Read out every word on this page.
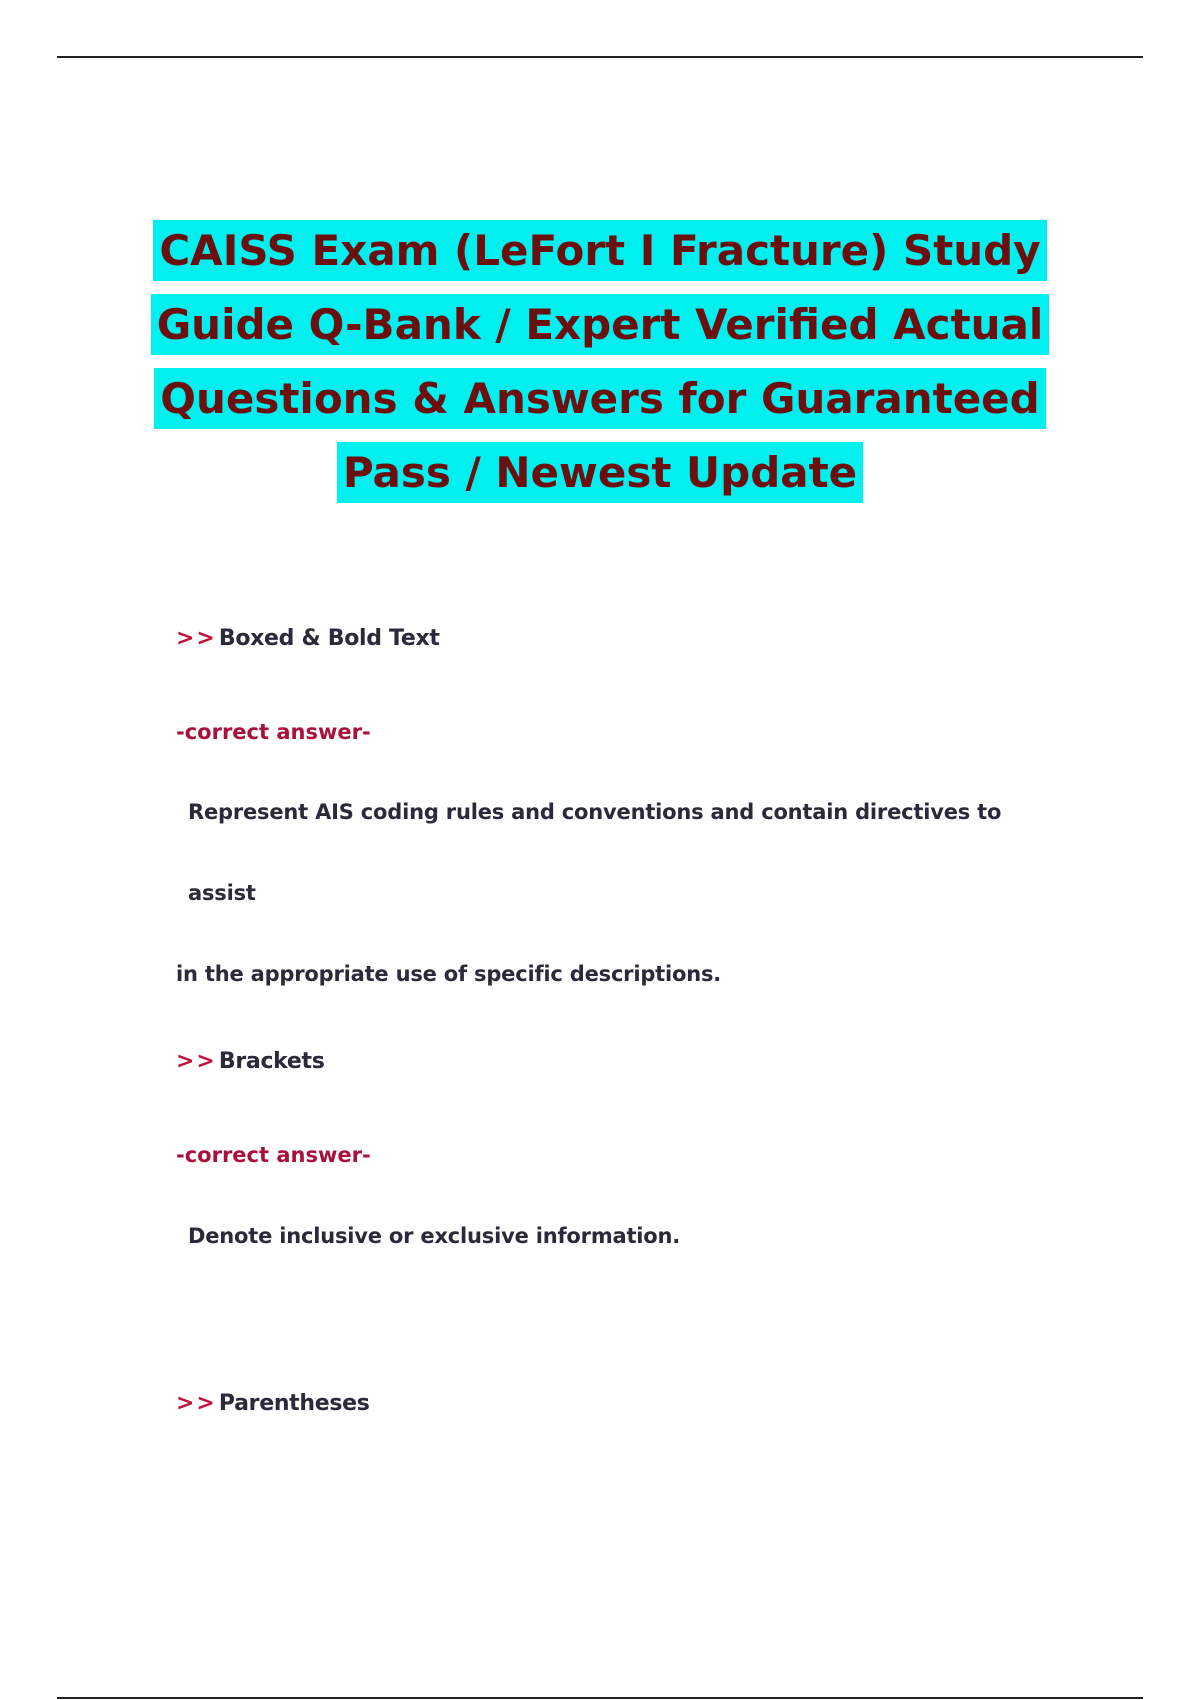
CAISS Exam (LeFort I Fracture) Study
Guide Q-Bank / Expert Verified Actual
Questions & Answers for Guaranteed
Pass / Newest Update
>>Boxed & Bold Text
-correct answer-
Represent AIS coding rules and conventions and contain directives to assist
in the appropriate use of specific descriptions.
>>Brackets
-correct answer-
Denote inclusive or exclusive information.
>>Parentheses
